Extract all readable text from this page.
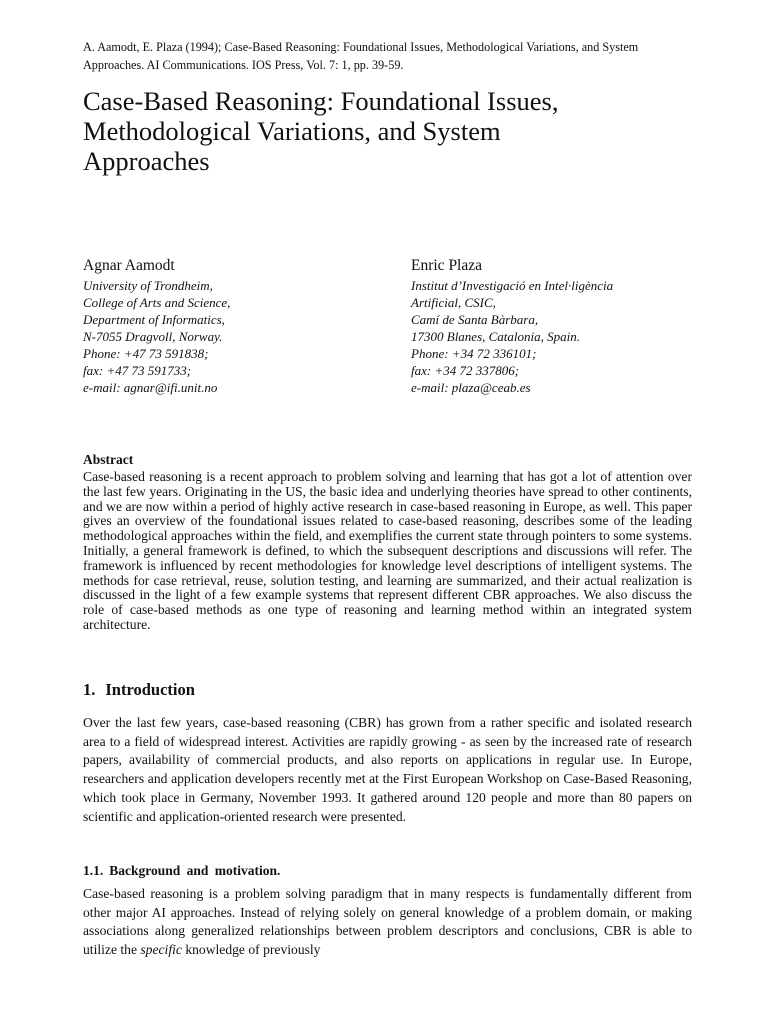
A. Aamodt, E. Plaza (1994); Case-Based Reasoning: Foundational Issues, Methodological Variations, and System
Approaches. AI Communications. IOS Press, Vol. 7: 1, pp. 39-59.
Case-Based Reasoning: Foundational Issues,
Methodological Variations, and System
Approaches

Agnar Aamodt

University of Trondheim,

College of Arts and Science,

Department of Informatics,

N-7055 Dragvoll, Norway.

Phone: +47 73 591838;

fax: +47 73 591733;

e-mail: agnar@ifi.unit.no

Enric Plaza

Institut d’Investigació en Intel·ligència

Artificial, CSIC,

Camí de Santa Bàrbara,

17300 Blanes, Catalonia, Spain.

Phone: +34 72 336101;

fax: +34 72 337806;

e-mail: plaza@ceab.es

Abstract

Case-based reasoning is a recent approach to problem solving and learning that has got a lot of attention over the last few years. Originating in the US, the basic idea and underlying theories have spread to other continents, and we are now within a period of highly active research in case-based reasoning in Europe, as well. This paper gives an overview of the foundational issues related to case-based reasoning, describes some of the leading methodological approaches within the field, and exemplifies the current state through pointers to some systems. Initially, a general framework is defined, to which the subsequent descriptions and discussions will refer. The framework is influenced by recent methodologies for knowledge level descriptions of intelligent systems. The methods for case retrieval, reuse, solution testing, and learning are summarized, and their actual realization is discussed in the light of a few example systems that represent different CBR approaches. We also discuss the role of case-based methods as one type of reasoning and learning method within an integrated system architecture.

1. Introduction

Over the last few years, case-based reasoning (CBR) has grown from a rather specific and isolated research area to a field of widespread interest. Activities are rapidly growing - as seen by the increased rate of research papers, availability of commercial products, and also reports on applications in regular use. In Europe, researchers and application developers recently met at the First European Workshop on Case-Based Reasoning, which took place in Germany, November 1993. It gathered around 120 people and more than 80 papers on scientific and application-oriented research were presented.

1.1. Background and motivation.

Case-based reasoning is a problem solving paradigm that in many respects is fundamentally different from other major AI approaches. Instead of relying solely on general knowledge of a problem domain, or making associations along generalized relationships between problem descriptors and conclusions, CBR is able to utilize the specific knowledge of previously
